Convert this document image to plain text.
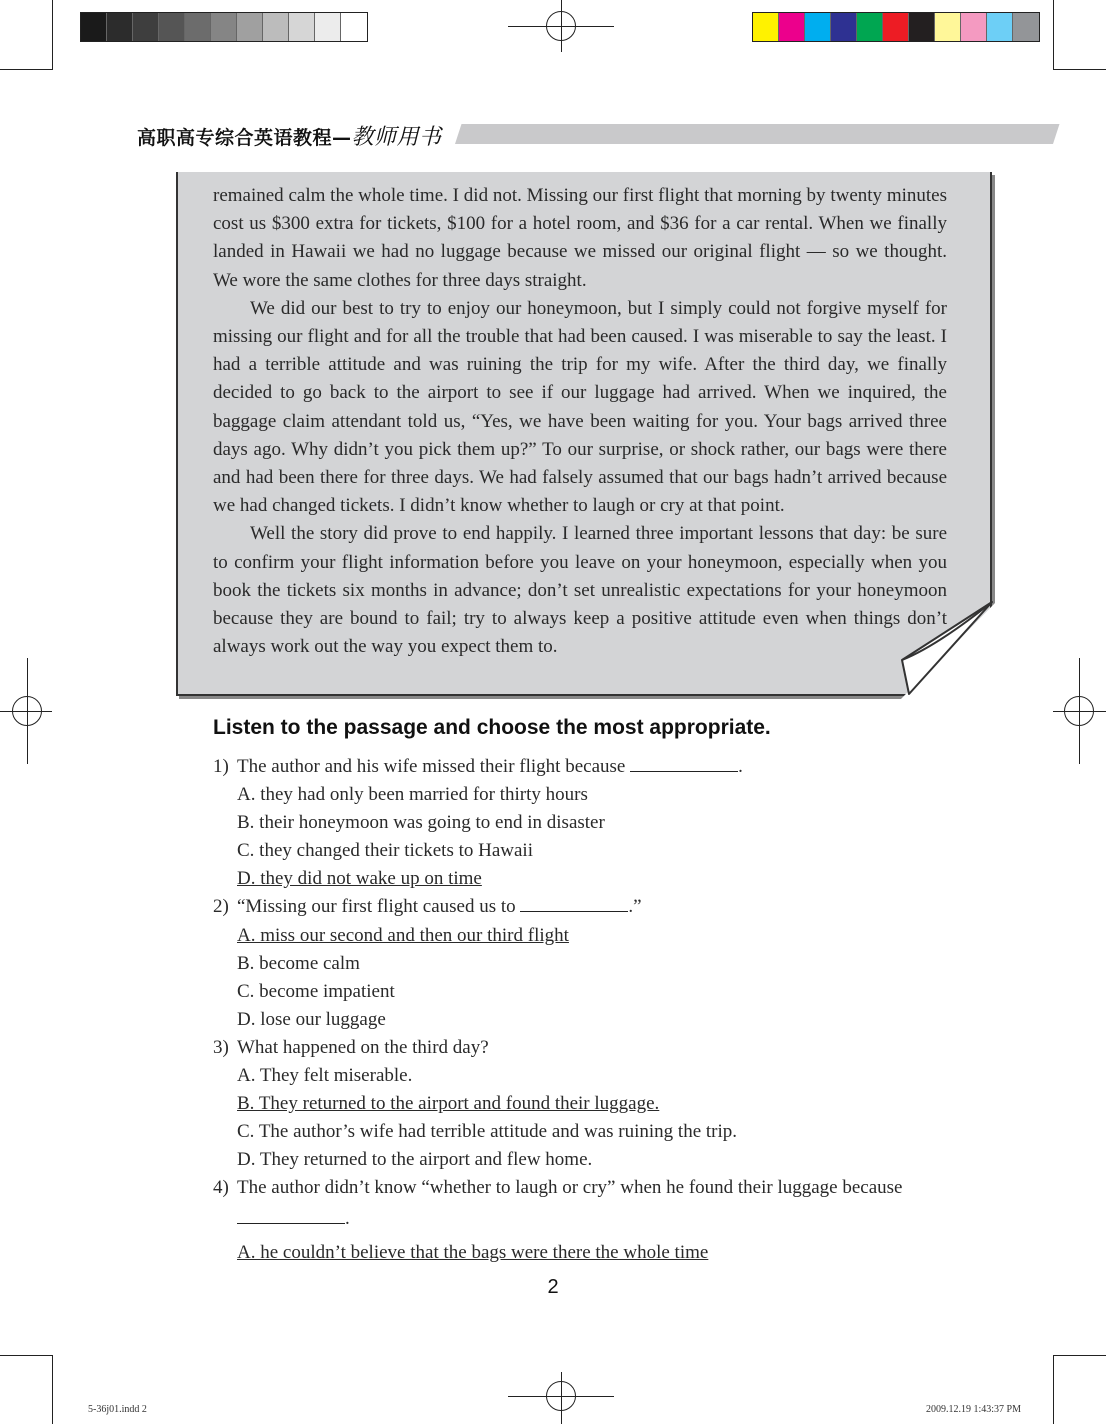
高职高专综合英语教程—教师用书

remained calm the whole time. I did not. Missing our first flight that morning by twenty minutes cost us $300 extra for tickets, $100 for a hotel room, and $36 for a car rental. When we finally landed in Hawaii we had no luggage because we missed our original flight — so we thought. We wore the same clothes for three days straight.

We did our best to try to enjoy our honeymoon, but I simply could not forgive myself for missing our flight and for all the trouble that had been caused. I was miserable to say the least. I had a terrible attitude and was ruining the trip for my wife. After the third day, we finally decided to go back to the airport to see if our luggage had arrived. When we inquired, the baggage claim attendant told us, “Yes, we have been waiting for you. Your bags arrived three days ago. Why didn’t you pick them up?” To our surprise, or shock rather, our bags were there and had been there for three days. We had falsely assumed that our bags hadn’t arrived because we had changed tickets. I didn’t know whether to laugh or cry at that point.

Well the story did prove to end happily. I learned three important lessons that day: be sure to confirm your flight information before you leave on your honeymoon, especially when you book the tickets six months in advance; don’t set unrealistic expectations for your honeymoon because they are bound to fail; try to always keep a positive attitude even when things don’t always work out the way you expect them to.

Listen to the passage and choose the most appropriate.
1) The author and his wife missed their flight because	.
A. they had only been married for thirty hours
B. their honeymoon was going to end in disaster
C. they changed their tickets to Hawaii
D. they did not wake up on time
2) “Missing our first flight caused us to	.”
A. miss our second and then our third flight
B. become calm
C. become impatient
D. lose our luggage
3) What happened on the third day?
A. They felt miserable.
B. They returned to the airport and found their luggage.
C. The author’s wife had terrible attitude and was ruining the trip.
D. They returned to the airport and flew home.
4) The author didn’t know “whether to laugh or cry” when he found their luggage because
.
A. he couldn’t believe that the bags were there the whole time
2
5-36j01.indd 2	2009.12.19 1:43:37 PM
